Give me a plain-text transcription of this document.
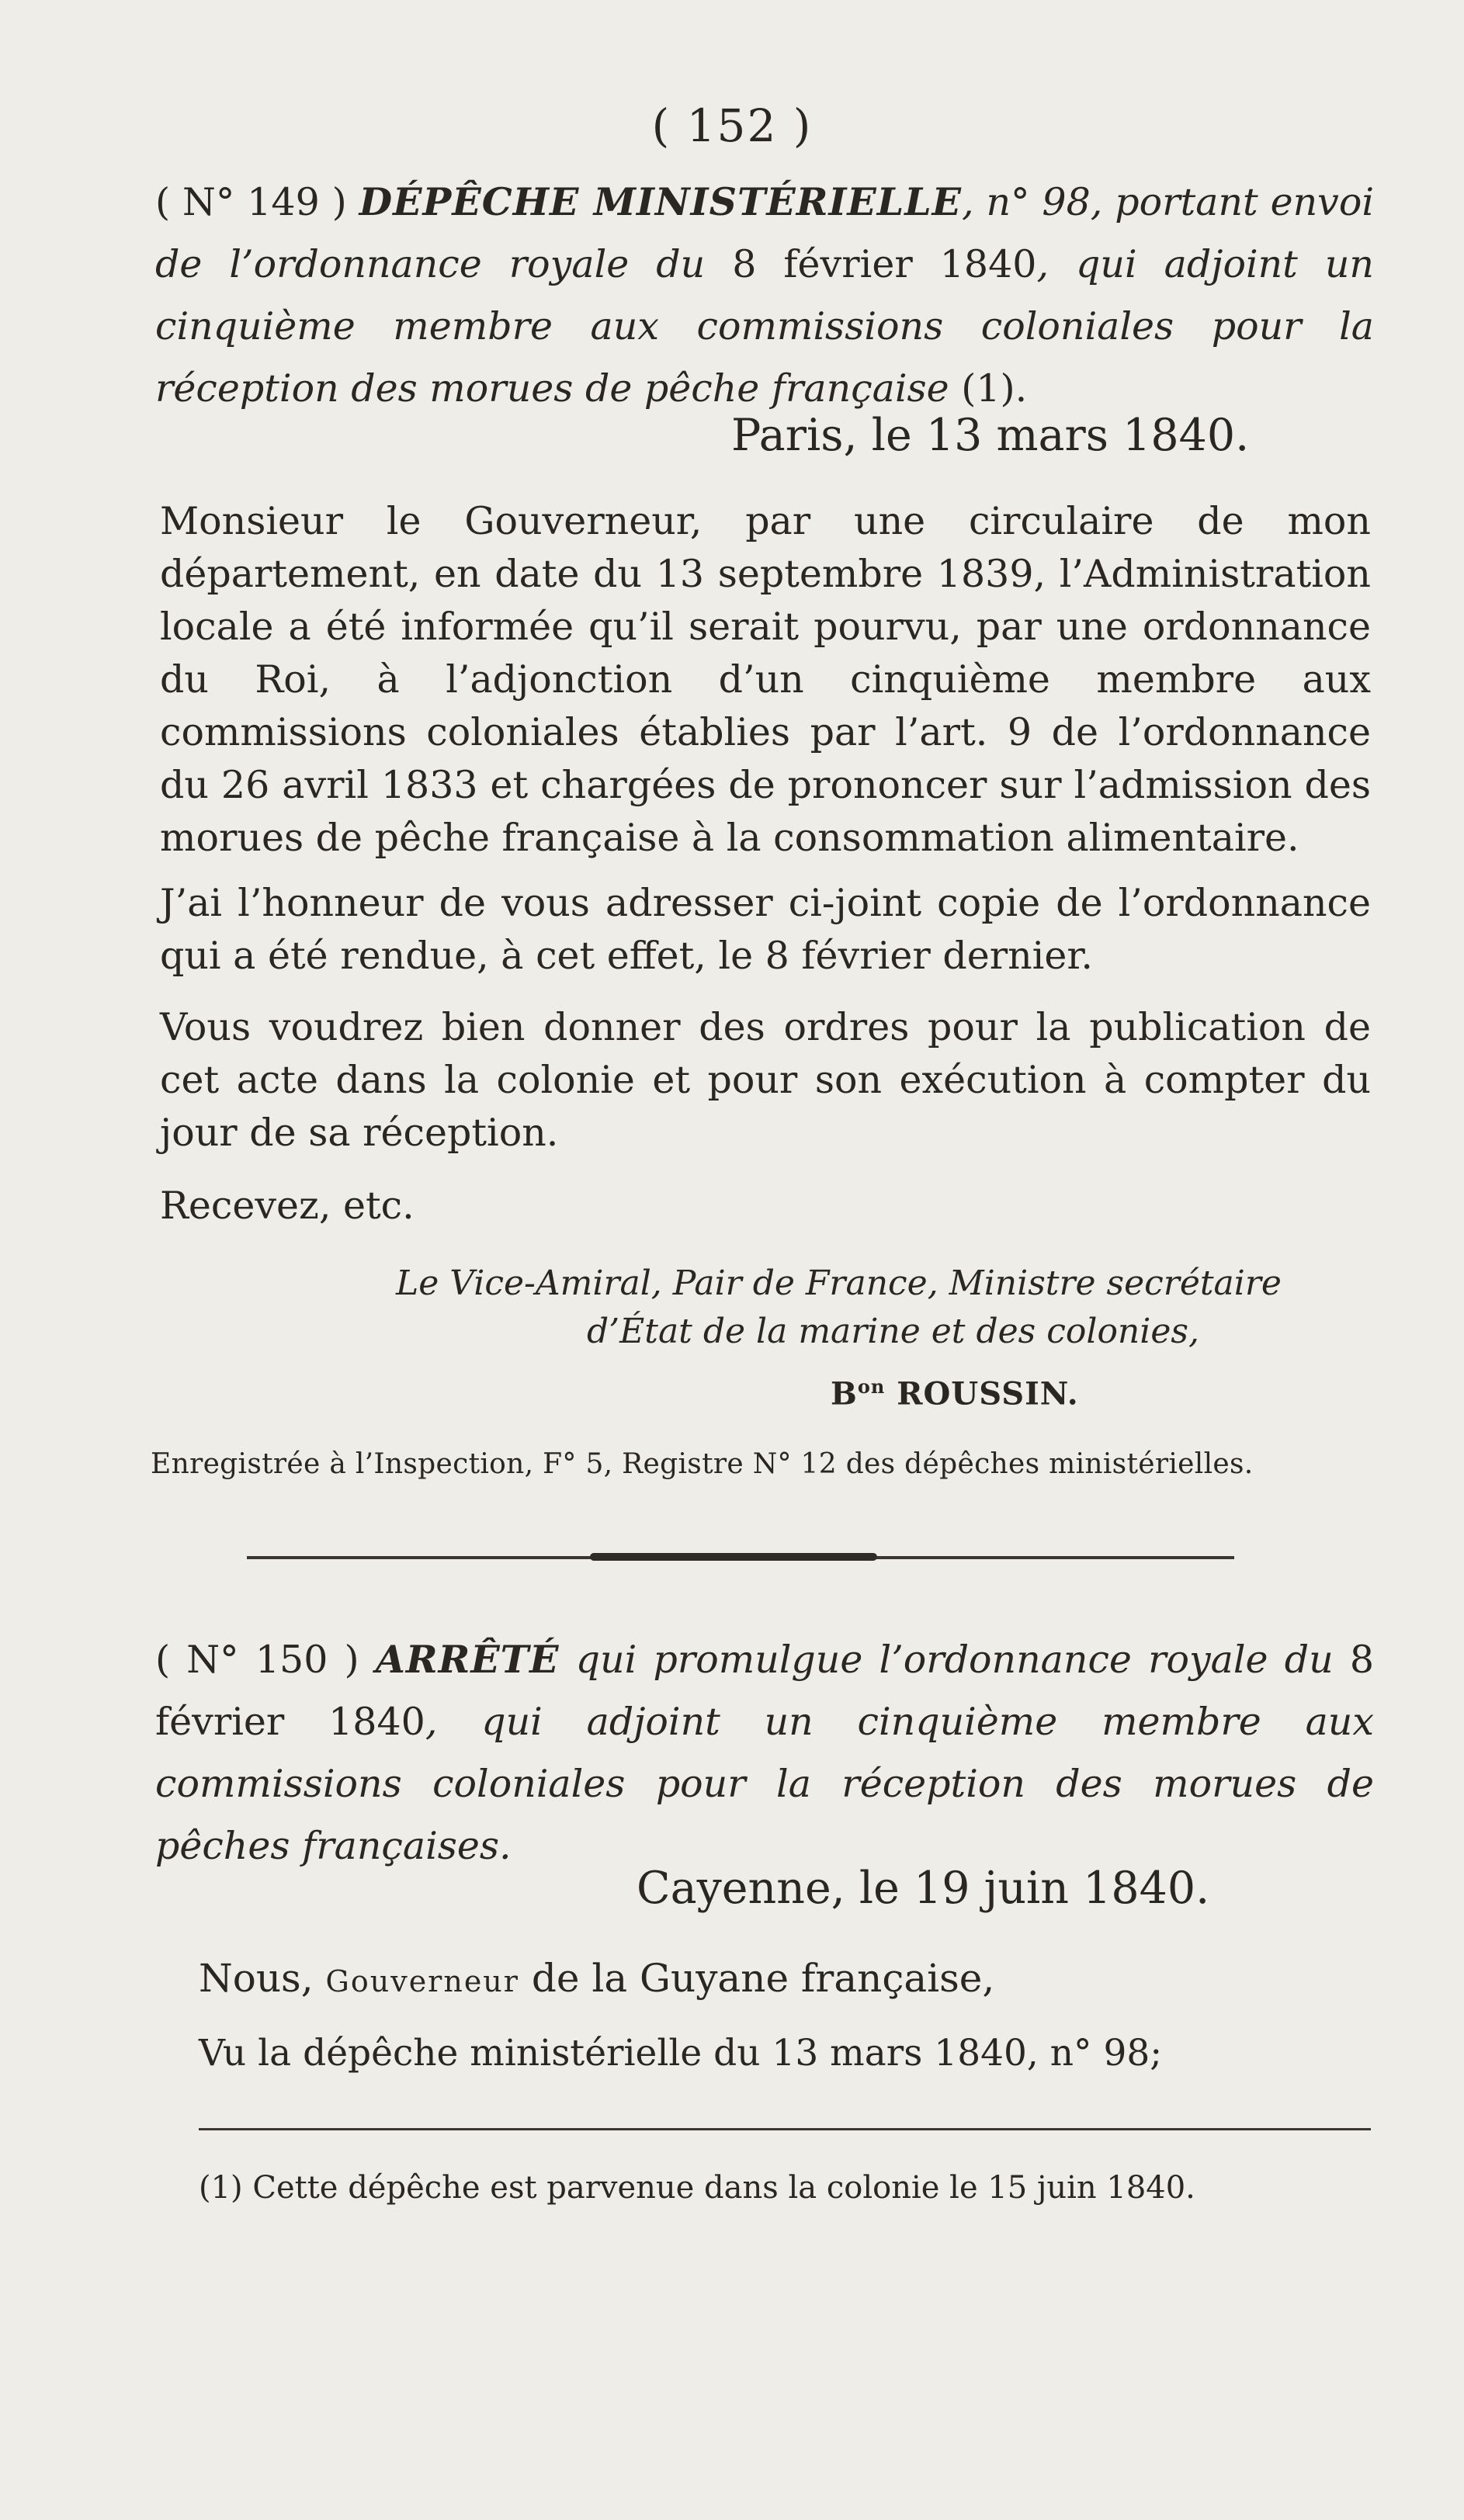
( 152 )
( N° 149 ) DÉPÊCHE MINISTÉRIELLE, n° 98, portant envoi de l’ordonnance royale du 8 février 1840, qui adjoint un cinquième membre aux commissions coloniales pour la réception des morues de pêche française (1).
Paris, le 13 mars 1840.

Monsieur le Gouverneur, par une circulaire de mon département, en date du 13 septembre 1839, l’Administration locale a été informée qu’il serait pourvu, par une ordonnance du Roi, à l’adjonction d’un cinquième membre aux commissions coloniales établies par l’art. 9 de l’ordonnance du 26 avril 1833 et chargées de prononcer sur l’admission des morues de pêche française à la consommation alimentaire.

J’ai l’honneur de vous adresser ci-joint copie de l’ordonnance qui a été rendue, à cet effet, le 8 février dernier.

Vous voudrez bien donner des ordres pour la publication de cet acte dans la colonie et pour son exécution à compter du jour de sa réception.

Recevez, etc.

Le Vice-Amiral, Pair de France, Ministre secrétaire
d’État de la marine et des colonies,
$B^{on}$ ROUSSIN.
Enregistrée à l’Inspection, F° 5, Registre N° 12 des dépêches ministérielles.
( N° 150 ) ARRÊTÉ qui promulgue l’ordonnance royale du 8 février 1840, qui adjoint un cinquième membre aux commissions coloniales pour la réception des morues de pêches françaises.
Cayenne, le 19 juin 1840.
Nous, Gouverneur de la Guyane française,
Vu la dépêche ministérielle du 13 mars 1840, n° 98;
(1) Cette dépêche est parvenue dans la colonie le 15 juin 1840.
